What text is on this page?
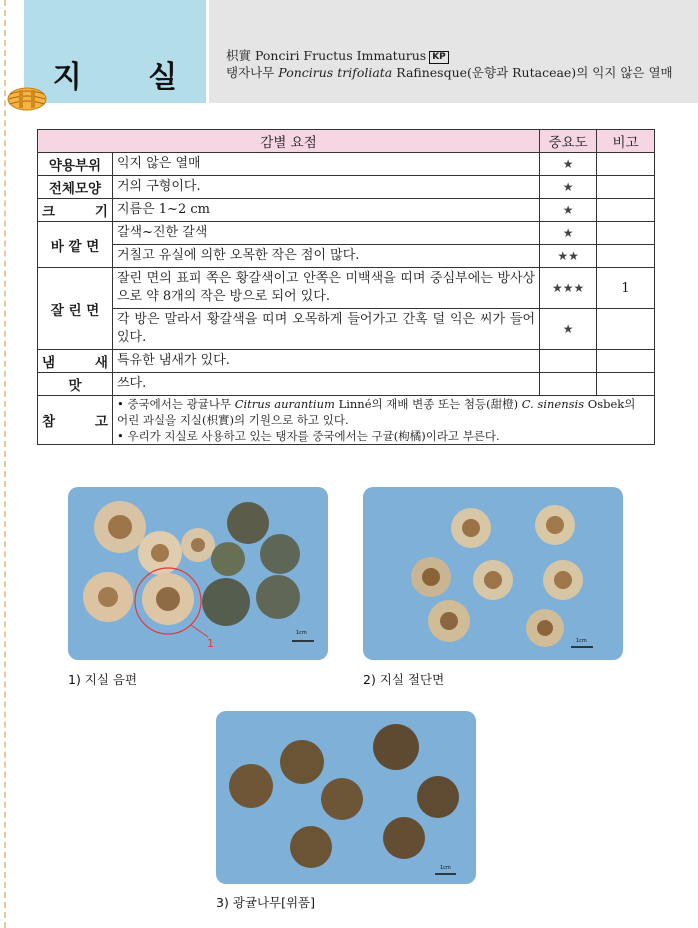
지 실
枳實 Ponciri Fructus Immaturus KP
탱자나무 Poncirus trifoliata Rafinesque(운향과 Rutaceae)의 익지 않은 열매
감별 요점		중요도	비고
약용부위	익지 않은 열매	★	
전체모양	거의 구형이다.	★	
크 기	지름은 1~2 cm	★	
바 깥 면	갈색~진한 갈색	★	
	거칠고 유실에 의한 오목한 작은 점이 많다.	★★	
잘 린 면	잘린 면의 표피 쪽은 황갈색이고 안쪽은 미백색을 띠며 중심부에는 방사상으로 약 8개의 작은 방으로 되어 있다.	★★★	1
	각 방은 말라서 황갈색을 띠며 오목하게 들어가고 간혹 덜 익은 씨가 들어 있다.	★	
냄 새	특유한 냄새가 있다.		
맛	쓰다.		
참 고	• 중국에서는 광귤나무 Citrus aurantium Linné의 재배 변종 또는 첨등(甜橙) C. sinensis Osbek의 어린 과실을 지실(枳實)의 기원으로 하고 있다.
• 우리가 지실로 사용하고 있는 탱자를 중국에서는 구귤(枸橘)이라고 부른다.		
1cm
1
1) 지실 음편
1cm
2) 지실 절단면
1cm
3) 광귤나무[위품]
